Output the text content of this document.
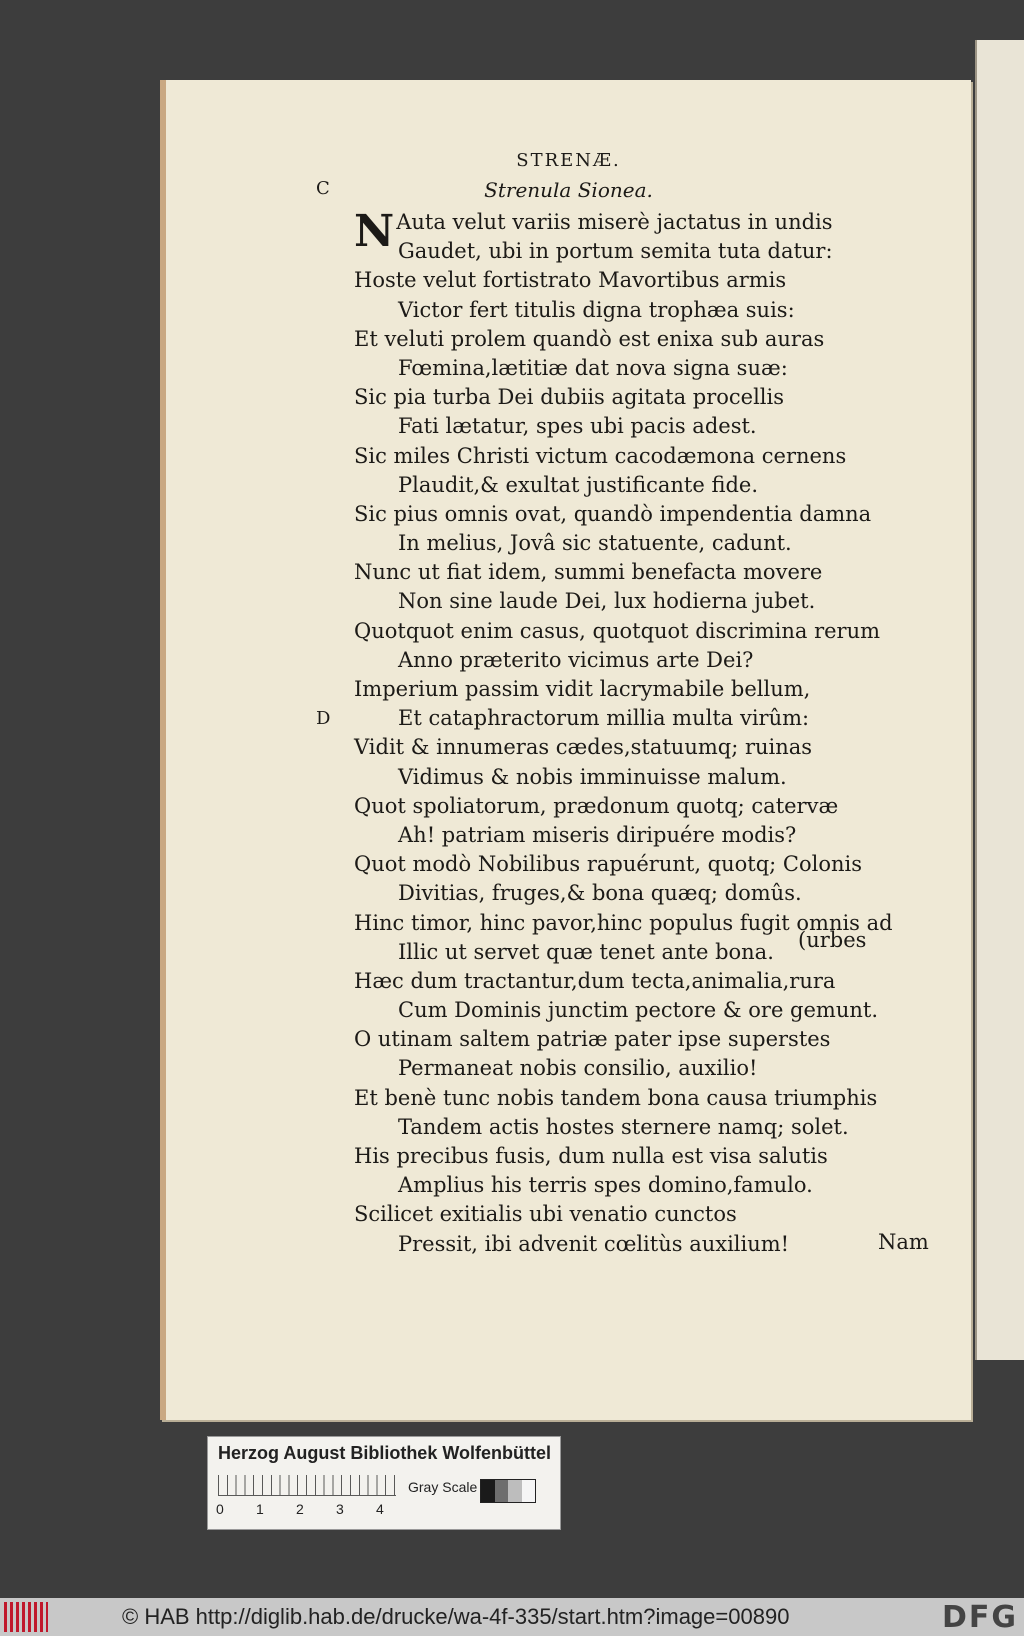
STRENÆ.
Strenula Sionea.
C
D
N Auta velut variis miserè jactatus in undis
Gaudet, ubi in portum semita tuta datur:
Hoste velut fortistrato Mavortibus armis
Victor fert titulis digna trophæa suis:
Et veluti prolem quandò est enixa sub auras
Fœmina,lætitiæ dat nova signa suæ:
Sic pia turba Dei dubiis agitata procellis
Fati lætatur, spes ubi pacis adest.
Sic miles Christi victum cacodæmona cernens
Plaudit,& exultat justificante fide.
Sic pius omnis ovat, quandò impendentia damna
In melius, Jovâ sic statuente, cadunt.
Nunc ut fiat idem, summi benefacta movere
Non sine laude Dei, lux hodierna jubet.
Quotquot enim casus, quotquot discrimina rerum
Anno præterito vicimus arte Dei?
Imperium passim vidit lacrymabile bellum,
Et cataphractorum millia multa virûm:
Vidit & innumeras cædes,statuumq; ruinas
Vidimus & nobis imminuisse malum.
Quot spoliatorum, prædonum quotq; catervæ
Ah! patriam miseris diripuére modis?
Quot modò Nobilibus rapuérunt, quotq; Colonis
Divitias, fruges,& bona quæq; domûs.
Hinc timor, hinc pavor,hinc populus fugit omnis ad
Illic ut servet quæ tenet ante bona.
Hæc dum tractantur,dum tecta,animalia,rura
Cum Dominis junctim pectore & ore gemunt.
O utinam saltem patriæ pater ipse superstes
Permaneat nobis consilio, auxilio!
Et benè tunc nobis tandem bona causa triumphis
Tandem actis hostes sternere namq; solet.
His precibus fusis, dum nulla est visa salutis
Amplius his terris spes domino,famulo.
Scilicet exitialis ubi venatio cunctos
Pressit, ibi advenit cœlitùs auxilium!
(urbes
Nam
Herzog August Bibliothek Wolfenbüttel
0	1	2	3	4
Gray Scale
© HAB http://diglib.hab.de/drucke/wa-4f-335/start.htm?image=00890	DFG
